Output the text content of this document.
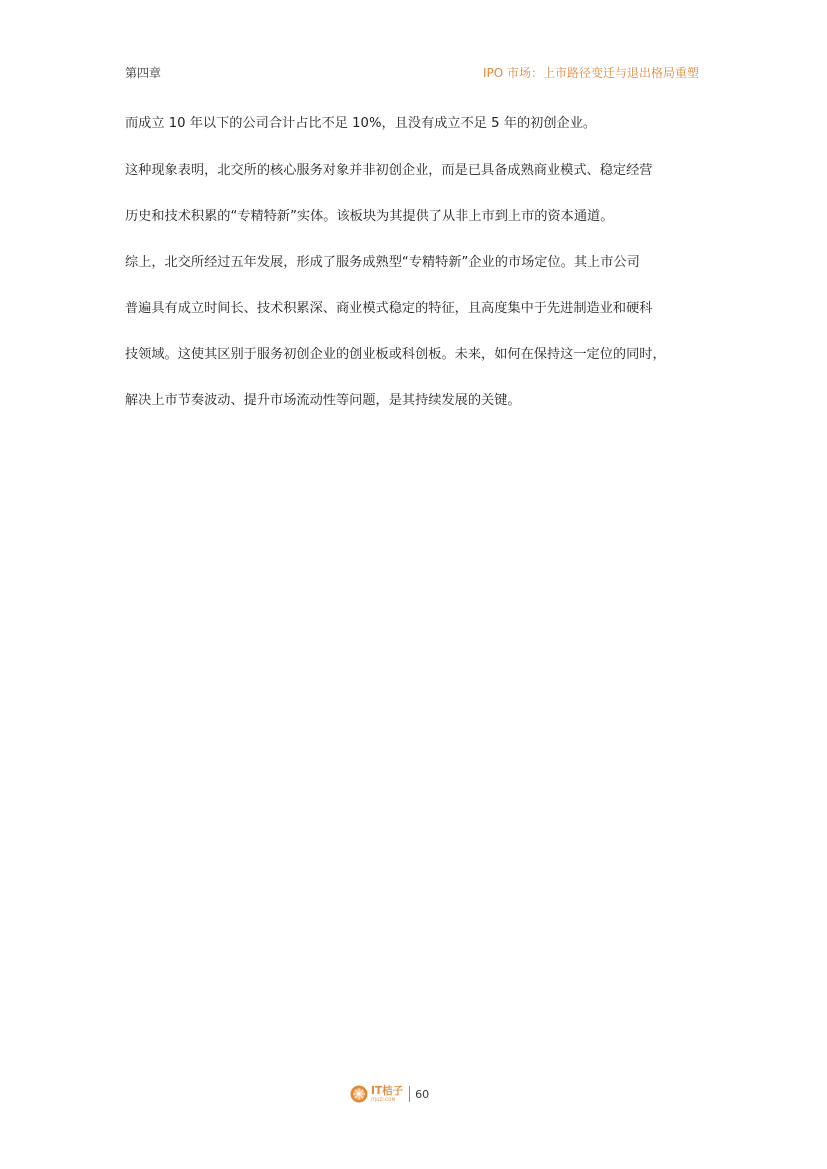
第四章	IPO 市场：上市路径变迁与退出格局重塑
而成立 10 年以下的公司合计占比不足 10%，且没有成立不足 5 年的初创企业。
这种现象表明，北交所的核心服务对象并非初创企业，而是已具备成熟商业模式、稳定经营
历史和技术积累的“专精特新”实体。该板块为其提供了从非上市到上市的资本通道。
综上，北交所经过五年发展，形成了服务成熟型“专精特新”企业的市场定位。其上市公司
普遍具有成立时间长、技术积累深、商业模式稳定的特征，且高度集中于先进制造业和硬科
技领域。这使其区别于服务初创企业的创业板或科创板。未来，如何在保持这一定位的同时，
解决上市节奏波动、提升市场流动性等问题，是其持续发展的关键。
IT桔子
ITJUZI.COM	60
